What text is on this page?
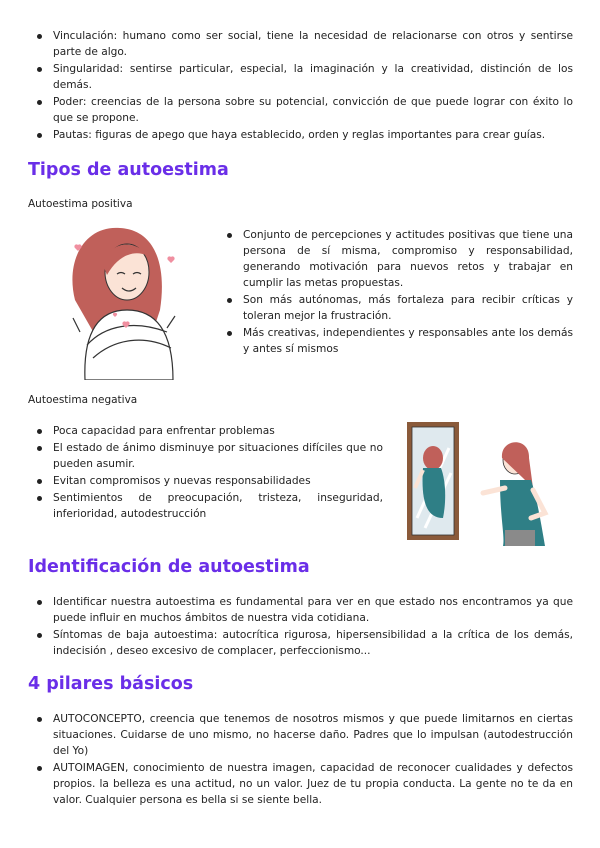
Vinculación: humano como ser social, tiene la necesidad de relacionarse con otros y sentirse parte de algo.
Singularidad: sentirse particular, especial, la imaginación y la creatividad, distinción de los demás.
Poder: creencias de la persona sobre su potencial, convicción de que puede lograr con éxito lo que se propone.
Pautas: figuras de apego que haya establecido, orden y reglas importantes para crear guías.
Tipos de autoestima
Autoestima positiva
Conjunto de percepciones y actitudes positivas que tiene una persona de sí misma, compromiso y responsabilidad, generando motivación para nuevos retos y trabajar en cumplir las metas propuestas.
Son más autónomas, más fortaleza para recibir críticas y toleran mejor la frustración.
Más creativas, independientes y responsables ante los demás y antes sí mismos
Autoestima negativa
Poca capacidad para enfrentar problemas
El estado de ánimo disminuye por situaciones difíciles que no pueden asumir.
Evitan compromisos y nuevas responsabilidades
Sentimientos de preocupación, tristeza, inseguridad, inferioridad, autodestrucción
Identificación de autoestima
Identificar nuestra autoestima es fundamental para ver en que estado nos encontramos ya que puede influir en muchos ámbitos de nuestra vida cotidiana.
Síntomas de baja autoestima: autocrítica rigurosa, hipersensibilidad a la crítica de los demás, indecisión , deseo excesivo de complacer, perfeccionismo...
4 pilares básicos
AUTOCONCEPTO, creencia que tenemos de nosotros mismos y que puede limitarnos en ciertas situaciones. Cuidarse de uno mismo, no hacerse daño. Padres que lo impulsan (autodestrucción del Yo)
AUTOIMAGEN, conocimiento de nuestra imagen, capacidad de reconocer cualidades y defectos propios. la belleza es una actitud, no un valor. Juez de tu propia conducta. La gente no te da en valor. Cualquier persona es bella si se siente bella.
